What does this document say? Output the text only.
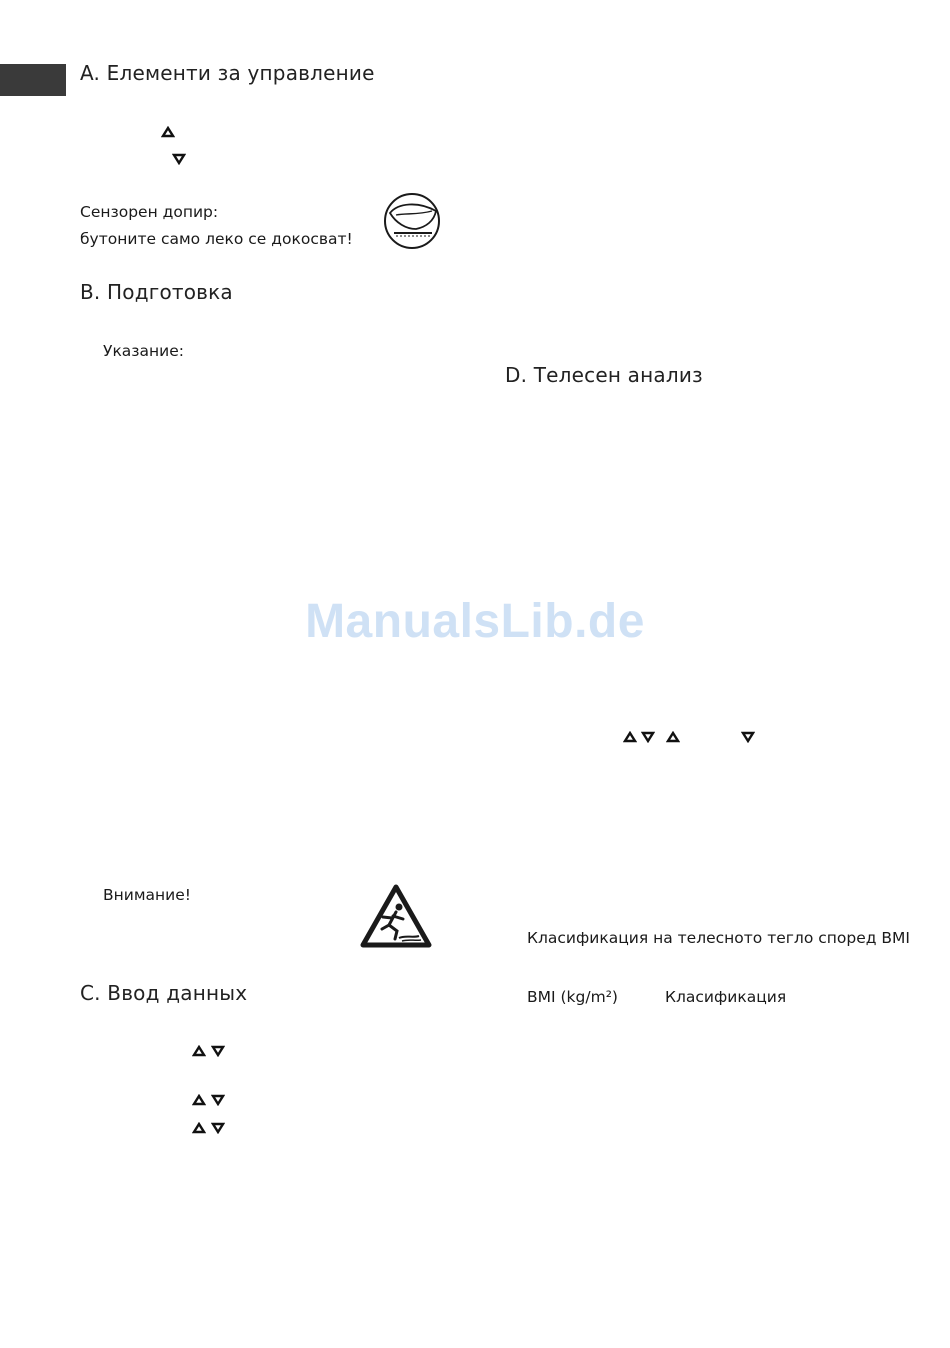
A. Елементи за управление
Сензорен допир:
бутоните само леко се докосват!
B. Подготовка
Указание:
Внимание!
C. Ввод данных
D. Телесен анализ
Класификация на телесното тегло според BMI
BMI (kg/m²)	Класификация
ManualsLib.de
